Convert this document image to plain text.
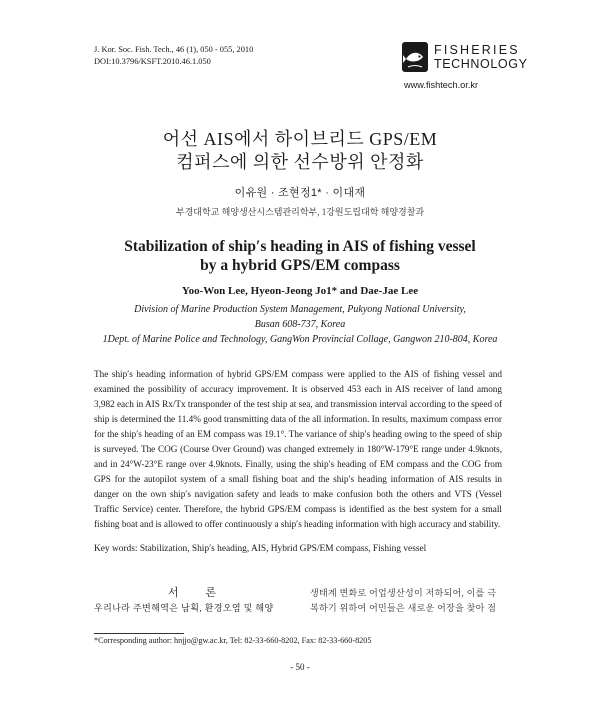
J. Kor. Soc. Fish. Tech., 46 (1), 050 - 055, 2010
DOI:10.3796/KSFT.2010.46.1.050
FISHERIES
TECHNOLOGY
www.fishtech.or.kr
어선 AIS에서 하이브리드 GPS/EM
컴퍼스에 의한 선수방위 안정화
이유원 · 조현정1* · 이대재
부경대학교 해양생산시스템관리학부, 1강원도립대학 해양경찰과
Stabilization of ship′s heading in AIS of fishing vessel
by a hybrid GPS/EM compass
Yoo-Won Lee, Hyeon-Jeong Jo1* and Dae-Jae Lee
Division of Marine Production System Management, Pukyong National University,
Busan 608-737, Korea
1Dept. of Marine Police and Technology, GangWon Provincial Collage, Gangwon 210-804, Korea
The ship′s heading information of hybrid GPS/EM compass were applied to the AIS of fishing vessel and examined the possibility of accuracy improvement. It is observed 453 each in AIS receiver of land among 3,982 each in AIS Rx/Tx transponder of the test ship at sea, and transmission interval according to the speed of ship is determined the 11.4% good transmitting data of the all information. In results, maximum compass error for the ship′s heading of an EM compass was 19.1°. The variance of ship′s heading owing to the speed of ship is surveyed. The COG (Course Over Ground) was changed extremely in 180°W-179°E range under 4.9knots, and in 24°W-23°E range over 4.9knots. Finally, using the ship′s heading of EM compass and the COG from GPS for the autopilot system of a small fishing boat and the ship′s heading information of AIS results in danger on the own ship′s navigation safety and leads to make confusion both the others and VTS (Vessel Traffic Service) center. Therefore, the hybrid GPS/EM compass is identified as the best system for a small fishing boat and is allowed to offer continuously a ship′s heading information with high accuracy and stability.
Key words: Stabilization, Ship′s heading, AIS, Hybrid GPS/EM compass, Fishing vessel
서 론
우리나라 주변해역은 남획, 환경오염 및 해양
생태계 변화로 어업생산성이 저하되어, 이를 극
복하기 위하여 어민들은 새로운 어장을 찾아 점
*Corresponding author: hnjjo@gw.ac.kr, Tel: 82-33-660-8202, Fax: 82-33-660-8205
- 50 -
